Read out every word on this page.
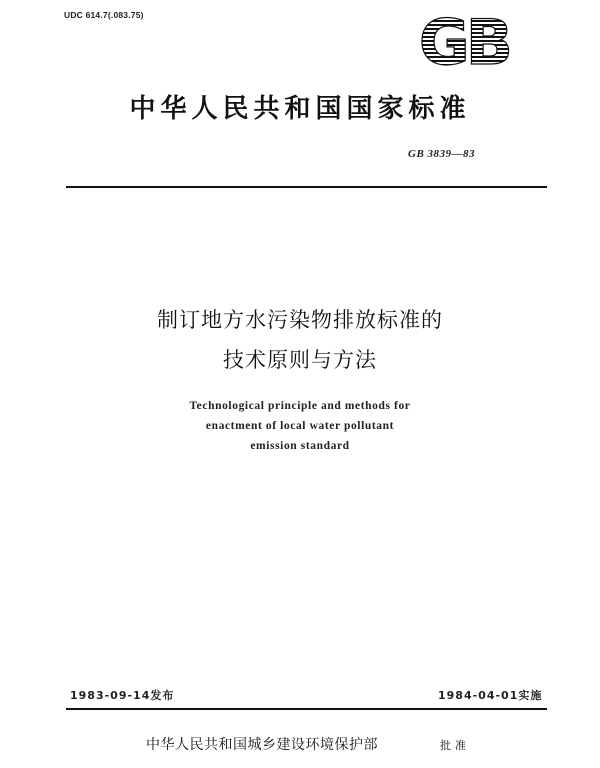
UDC 614.7(.083.75)	GB
中华人民共和国国家标准
GB 3839—83
制订地方水污染物排放标准的
技术原则与方法
Technological principle and methods for
enactment of local water pollutant
emission standard
1983-09-14发布	1984-04-01实施
中华人民共和国城乡建设环境保护部	批准
